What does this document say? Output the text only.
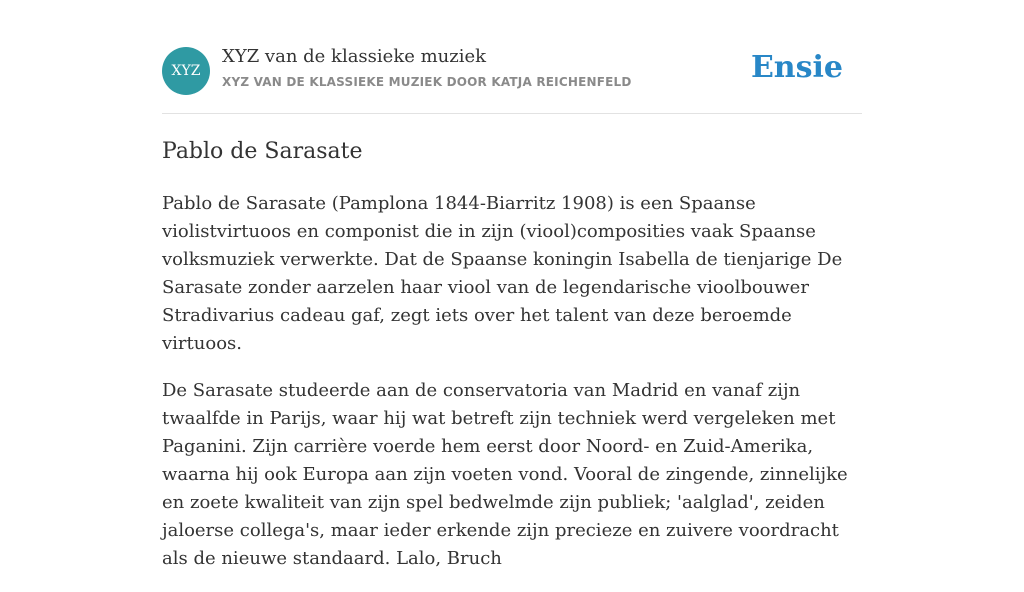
XYZ
XYZ van de klassieke muziek
XYZ VAN DE KLASSIEKE MUZIEK DOOR KATJA REICHENFELD	Ensie
Pablo de Sarasate

Pablo de Sarasate (Pamplona 1844-Biarritz 1908) is een Spaanse violistvirtuoos en componist die in zijn (viool)composities vaak Spaanse volksmuziek verwerkte. Dat de Spaanse koningin Isabella de tienjarige De Sarasate zonder aarzelen haar viool van de legendarische vioolbouwer Stradivarius cadeau gaf, zegt iets over het talent van deze beroemde virtuoos.

De Sarasate studeerde aan de conservatoria van Madrid en vanaf zijn twaalfde in Parijs, waar hij wat betreft zijn techniek werd vergeleken met Paganini. Zijn carrière voerde hem eerst door Noord- en Zuid-Amerika, waarna hij ook Europa aan zijn voeten vond. Vooral de zingende, zinnelijke en zoete kwaliteit van zijn spel bedwelmde zijn publiek; 'aalglad', zeiden jaloerse collega's, maar ieder erkende zijn precieze en zuivere voordracht als de nieuwe standaard. Lalo, Bruch
